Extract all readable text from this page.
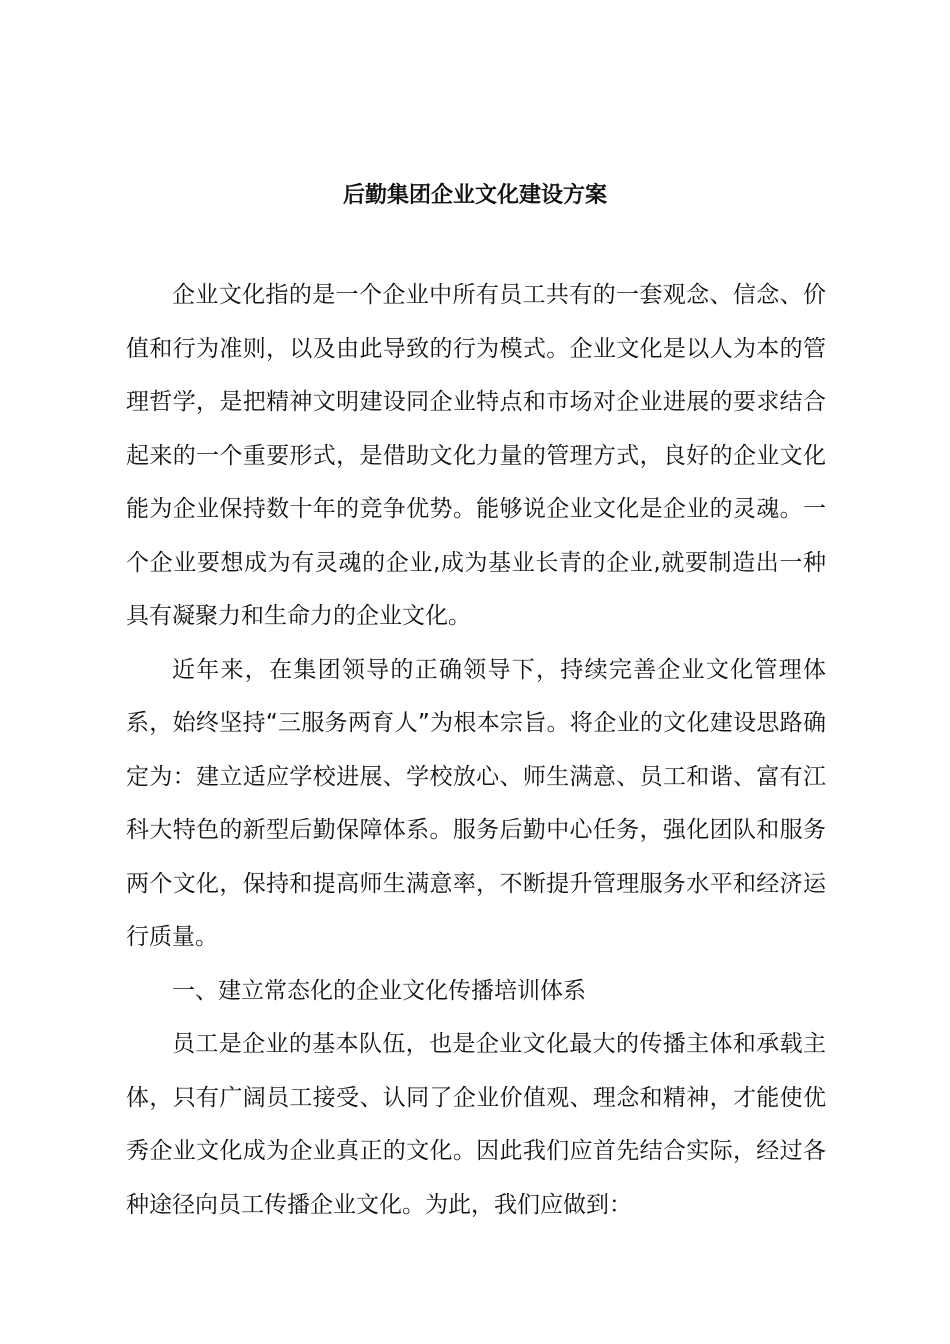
后勤集团企业文化建设方案

企业文化指的是一个企业中所有员工共有的一套观念、信念、价值和行为准则，以及由此导致的行为模式。企业文化是以人为本的管理哲学，是把精神文明建设同企业特点和市场对企业进展的要求结合起来的一个重要形式，是借助文化力量的管理方式，良好的企业文化能为企业保持数十年的竞争优势。能够说企业文化是企业的灵魂。一个企业要想成为有灵魂的企业,成为基业长青的企业,就要制造出一种具有凝聚力和生命力的企业文化。

近年来，在集团领导的正确领导下，持续完善企业文化管理体系，始终坚持“三服务两育人”为根本宗旨。将企业的文化建设思路确定为：建立适应学校进展、学校放心、师生满意、员工和谐、富有江科大特色的新型后勤保障体系。服务后勤中心任务，强化团队和服务两个文化，保持和提高师生满意率，不断提升管理服务水平和经济运行质量。

一、建立常态化的企业文化传播培训体系

员工是企业的基本队伍，也是企业文化最大的传播主体和承载主体，只有广阔员工接受、认同了企业价值观、理念和精神，才能使优秀企业文化成为企业真正的文化。因此我们应首先结合实际，经过各种途径向员工传播企业文化。为此，我们应做到：
